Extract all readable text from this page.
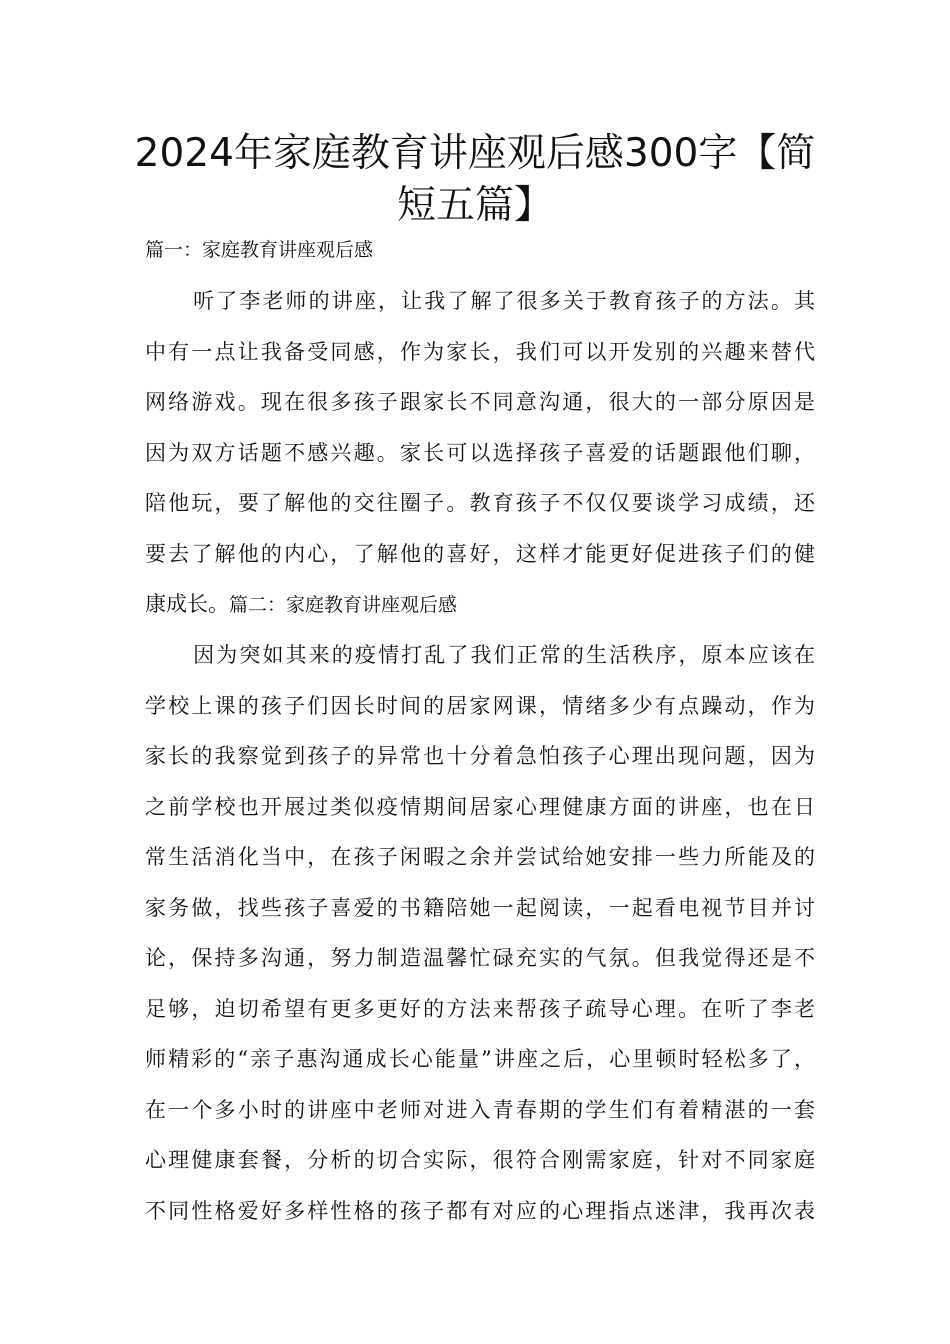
2024年家庭教育讲座观后感300字【简
短五篇】

篇一：家庭教育讲座观后感

听了李老师的讲座，让我了解了很多关于教育孩子的方法。其
中有一点让我备受同感，作为家长，我们可以开发别的兴趣来替代
网络游戏。现在很多孩子跟家长不同意沟通，很大的一部分原因是
因为双方话题不感兴趣。家长可以选择孩子喜爱的话题跟他们聊，
陪他玩，要了解他的交往圈子。教育孩子不仅仅要谈学习成绩，还
要去了解他的内心，了解他的喜好，这样才能更好促进孩子们的健
康成长。篇二：家庭教育讲座观后感
因为突如其来的疫情打乱了我们正常的生活秩序，原本应该在
学校上课的孩子们因长时间的居家网课，情绪多少有点躁动，作为
家长的我察觉到孩子的异常也十分着急怕孩子心理出现问题，因为
之前学校也开展过类似疫情期间居家心理健康方面的讲座，也在日
常生活消化当中，在孩子闲暇之余并尝试给她安排一些力所能及的
家务做，找些孩子喜爱的书籍陪她一起阅读，一起看电视节目并讨
论，保持多沟通，努力制造温馨忙碌充实的气氛。但我觉得还是不
足够，迫切希望有更多更好的方法来帮孩子疏导心理。在听了李老
师精彩的“亲子惠沟通成长心能量”讲座之后，心里顿时轻松多了，
在一个多小时的讲座中老师对进入青春期的学生们有着精湛的一套
心理健康套餐，分析的切合实际，很符合刚需家庭，针对不同家庭
不同性格爱好多样性格的孩子都有对应的心理指点迷津，我再次表
